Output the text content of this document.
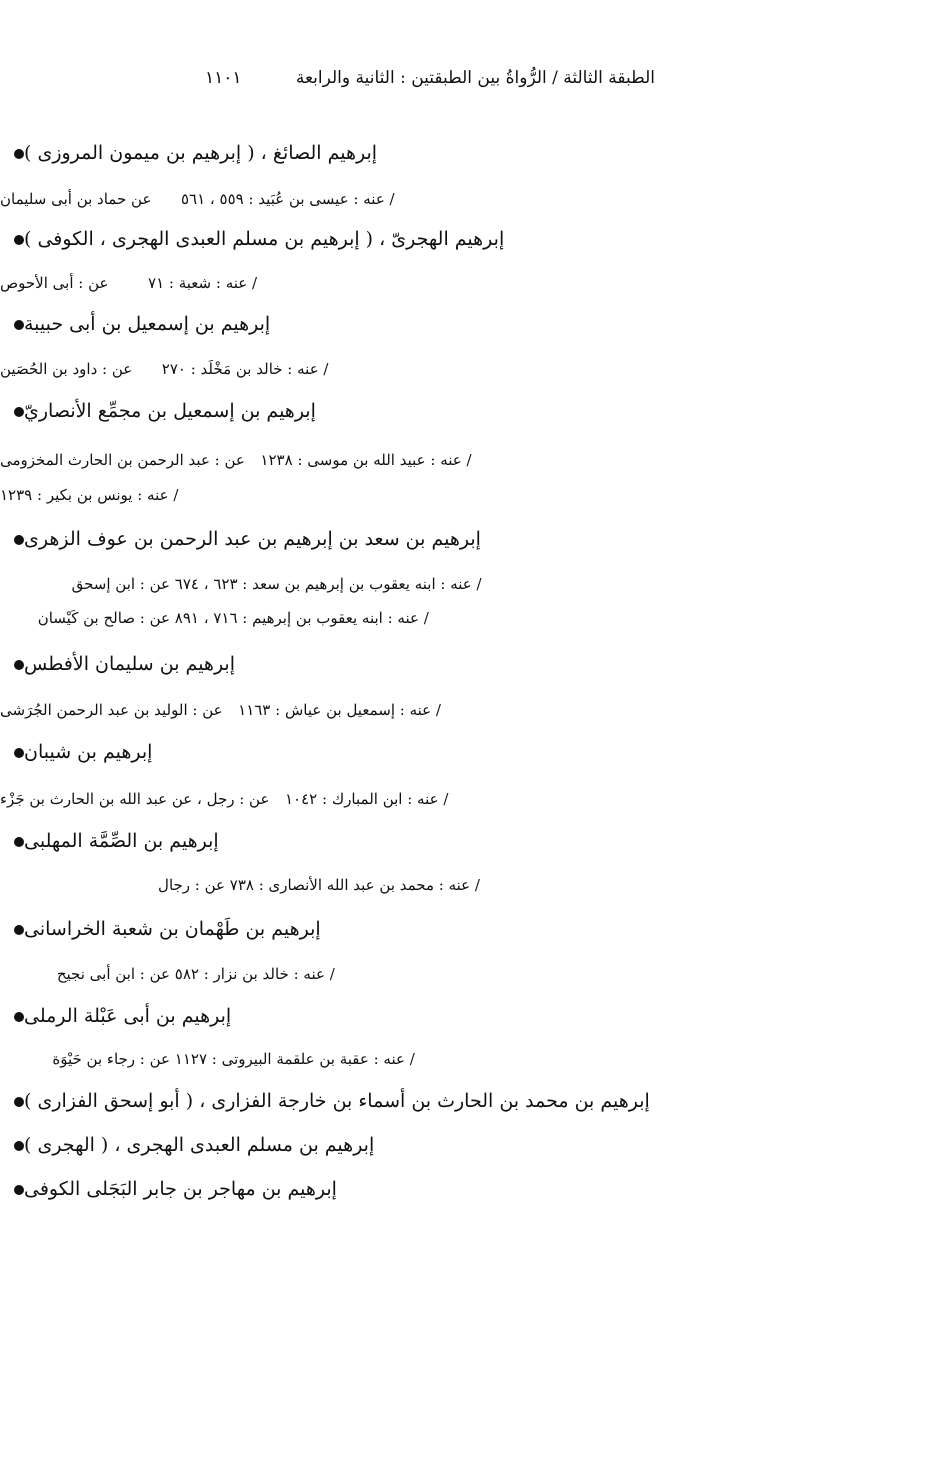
الطبقة الثالثة / الرُّواةُ بين الطبقتين : الثانية والرابعة
١١٠١
إبرهيم الصائغ ، ( إبرهيم بن ميمون المروزى )
عن حماد بن أبى سليمان / عنه : عيسى بن عُبَيد : ٥٥٩ ، ٥٦١
إبرهيم الهجرىّ ، ( إبرهيم بن مسلم العبدى الهجرى ، الكوفى )
عن : أبى الأحوص	/ عنه : شعبة : ٧١
إبرهيم بن إسمعيل بن أبى حبيبة
عن : داود بن الحُصَين / عنه : خالد بن مَخْلَد : ٢٧٠
إبرهيم بن إسمعيل بن مجمِّع الأنصاريّ
عن : عبد الرحمن بن الحارث المخزومى / عنه : عبيد الله بن موسى : ١٢٣٨
/ عنه : يونس بن بكير : ١٢٣٩
إبرهيم بن سعد بن إبرهيم بن عبد الرحمن بن عوف الزهرى
عن : ابن إسحق / عنه : ابنه يعقوب بن إبرهيم بن سعد : ٦٢٣ ، ٦٧٤
عن : صالح بن كَيْسان / عنه : ابنه يعقوب بن إبرهيم : ٧١٦ ، ٨٩١
إبرهيم بن سليمان الأفطس
عن : الوليد بن عبد الرحمن الجُرَشى / عنه : إسمعيل بن عياش : ١١٦٣
إبرهيم بن شيبان
عن : رجل ، عن عبد الله بن الحارث بن جَزْء / عنه : ابن المبارك : ١٠٤٢
إبرهيم بن الصِّمَّة المهلبى
عن : رجال / عنه : محمد بن عبد الله الأنصارى : ٧٣٨
إبرهيم بن طَهْمان بن شعبة الخراسانى
عن : ابن أبى نجيح / عنه : خالد بن نزار : ٥٨٢
إبرهيم بن أبى عَبْلة الرملى
عن : رجاء بن حَيْوَة / عنه : عقبة بن علقمة البيروتى : ١١٢٧
إبرهيم بن محمد بن الحارث بن أسماء بن خارجة الفزارى ، ( أبو إسحق الفزارى )
إبرهيم بن مسلم العبدى الهجرى ، ( الهجرى )
إبرهيم بن مهاجر بن جابر البَجَلى الكوفى
